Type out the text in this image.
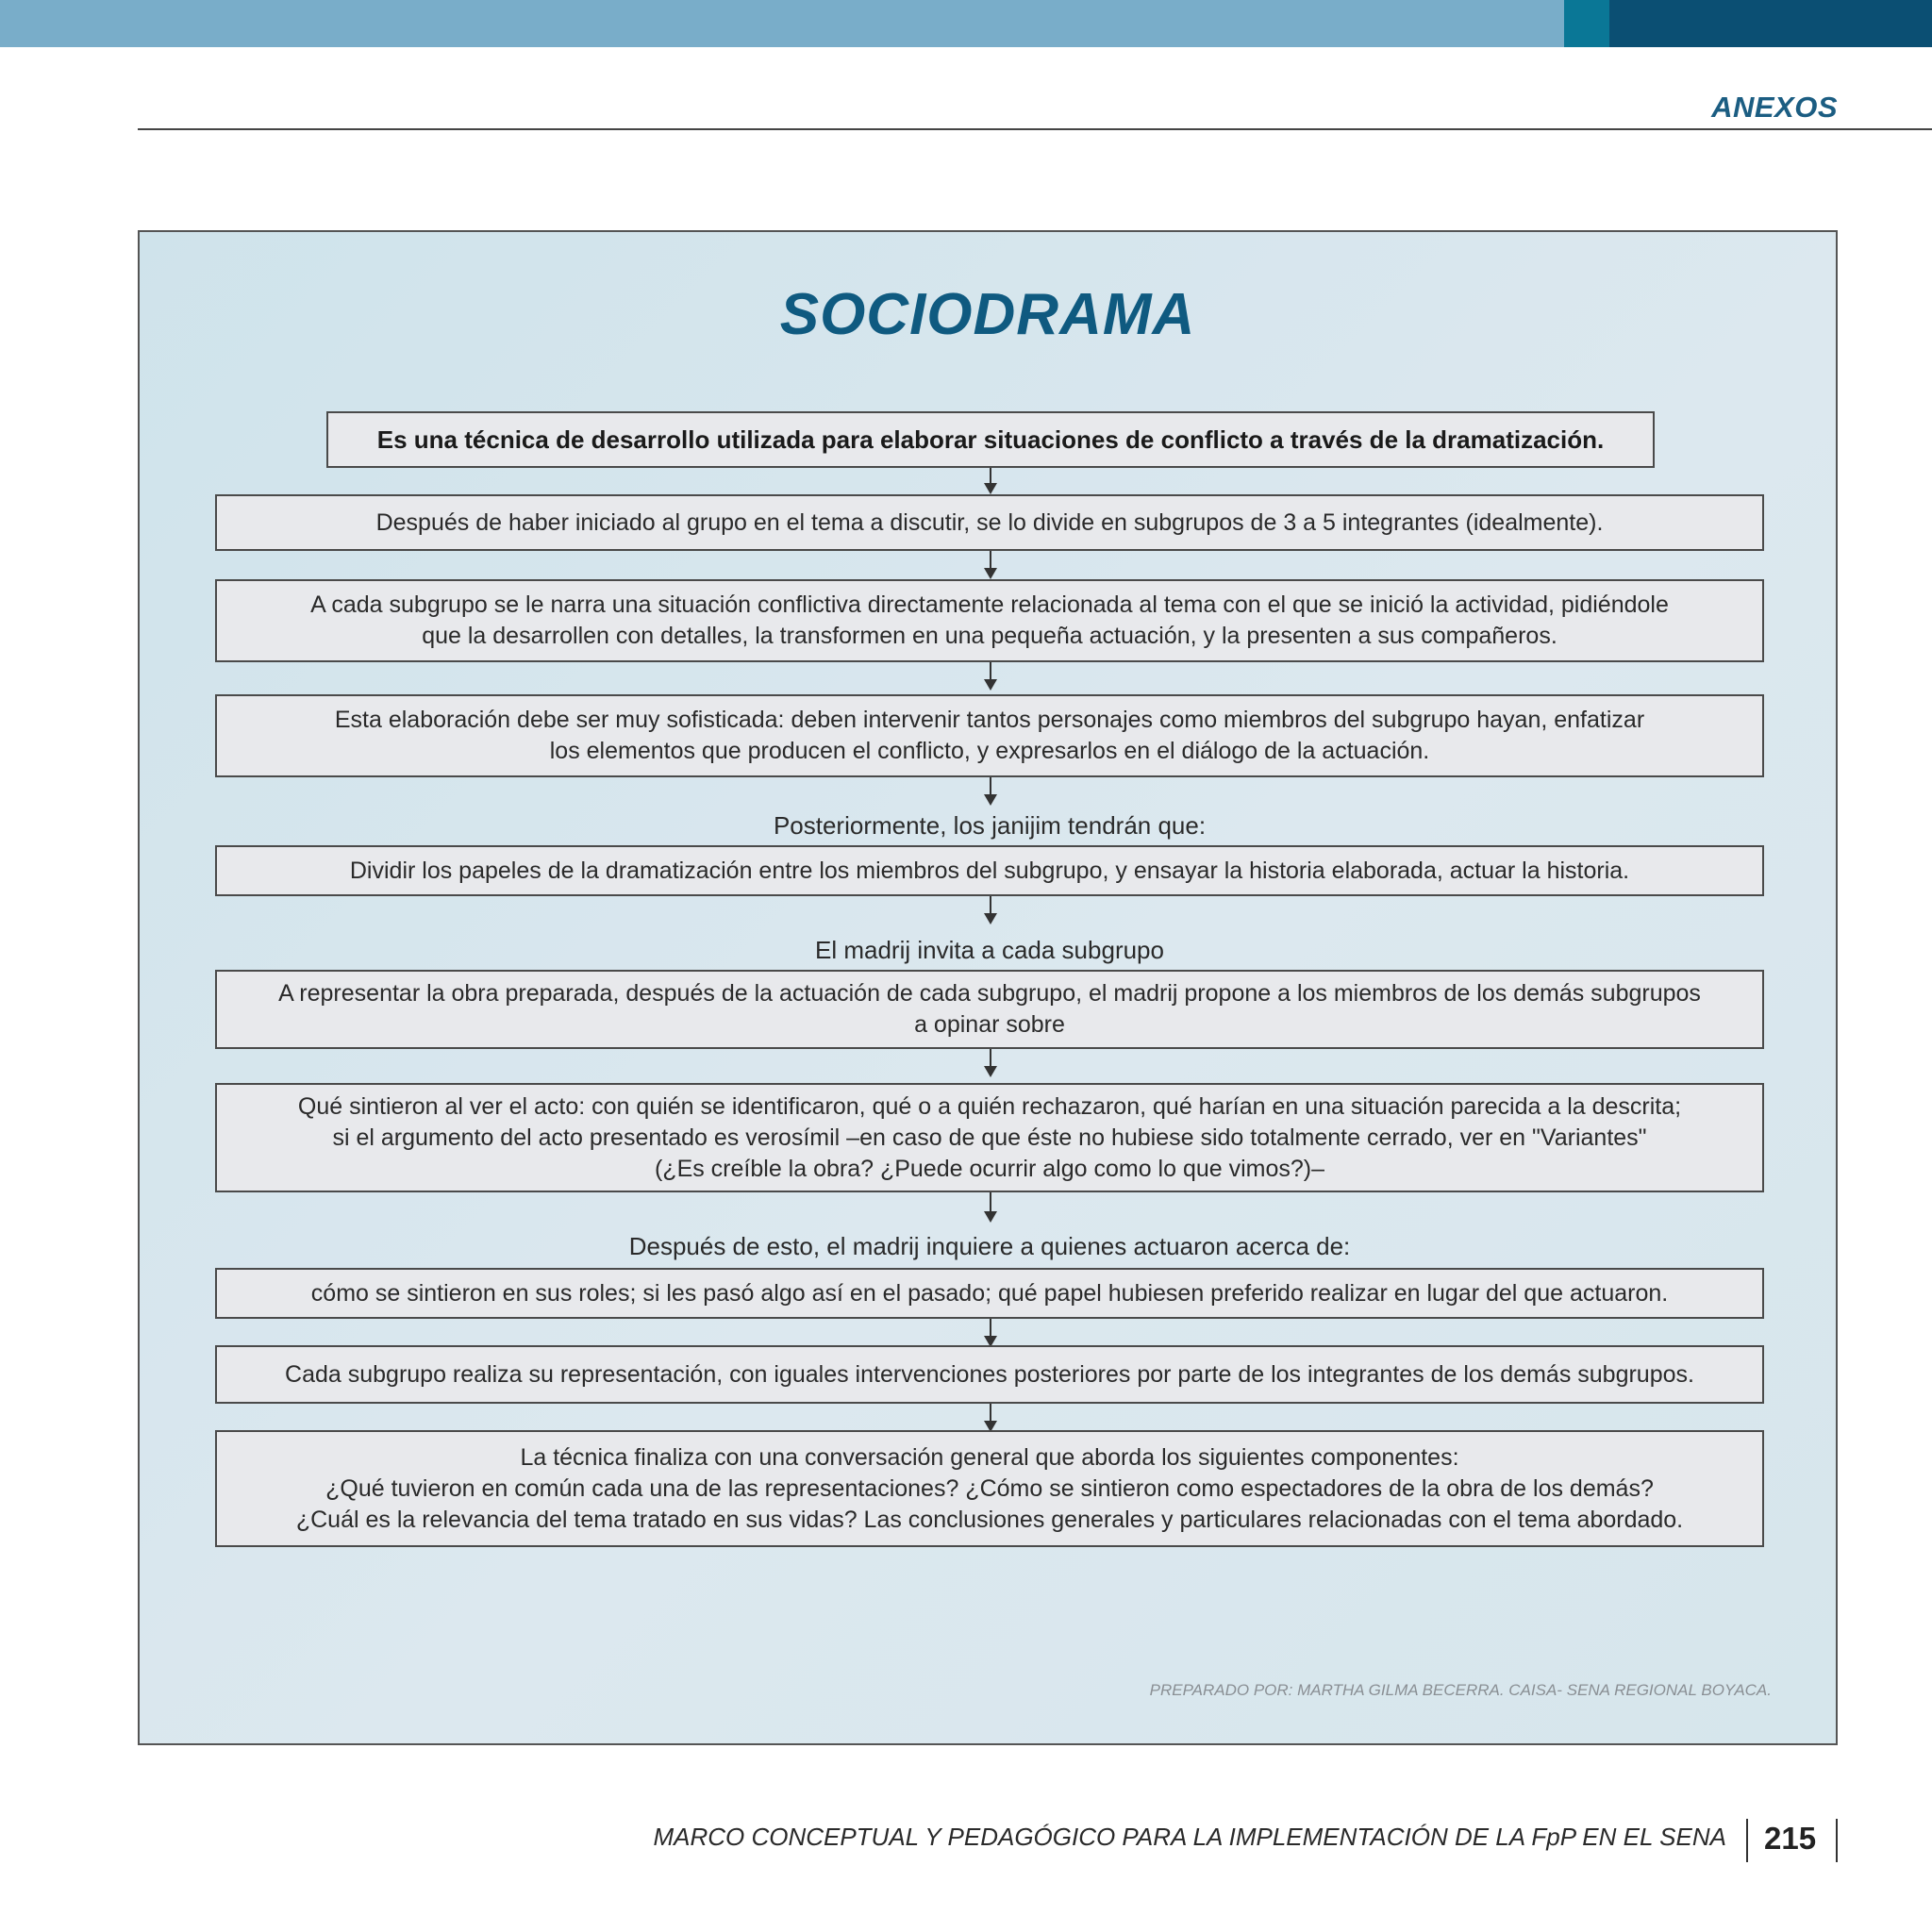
ANEXOS
SOCIODRAMA
Es una técnica de desarrollo utilizada para elaborar situaciones de conflicto a través de la dramatización.
Después de haber iniciado al grupo en el tema a discutir, se lo divide en subgrupos de 3 a 5 integrantes (idealmente).
A cada subgrupo se le narra una situación conflictiva directamente relacionada al tema con el que se inició la actividad, pidiéndole
que la desarrollen con detalles, la transformen en una pequeña actuación, y la presenten a sus compañeros.
Esta elaboración debe ser muy sofisticada: deben intervenir tantos personajes como miembros del subgrupo hayan, enfatizar
los elementos que producen el conflicto, y expresarlos en el diálogo de la actuación.
Posteriormente, los janijim tendrán que:
Dividir los papeles de la dramatización entre los miembros del subgrupo, y ensayar la historia elaborada, actuar la historia.
El madrij invita a cada subgrupo
A representar la obra preparada, después de la actuación de cada subgrupo, el madrij propone a los miembros de los demás subgrupos
a opinar sobre
Qué sintieron al ver el acto: con quién se identificaron, qué o a quién rechazaron, qué harían en una situación parecida a la descrita;
si el argumento del acto presentado es verosímil –en caso de que éste no hubiese sido totalmente cerrado, ver en "Variantes"
(¿Es creíble la obra? ¿Puede ocurrir algo como lo que vimos?)–
Después de esto, el madrij inquiere a quienes actuaron acerca de:
cómo se sintieron en sus roles; si les pasó algo así en el pasado; qué papel hubiesen preferido realizar en lugar del que actuaron.
Cada subgrupo realiza su representación, con iguales intervenciones posteriores por parte de los integrantes de los demás subgrupos.
La técnica finaliza con una conversación general que aborda los siguientes componentes:
¿Qué tuvieron en común cada una de las representaciones? ¿Cómo se sintieron como espectadores de la obra de los demás?
¿Cuál es la relevancia del tema tratado en sus vidas? Las conclusiones generales y particulares relacionadas con el tema abordado.
PREPARADO POR: MARTHA GILMA BECERRA. CAISA- SENA REGIONAL BOYACA.
MARCO CONCEPTUAL Y PEDAGÓGICO PARA LA IMPLEMENTACIÓN DE LA FpP EN EL SENA 215
